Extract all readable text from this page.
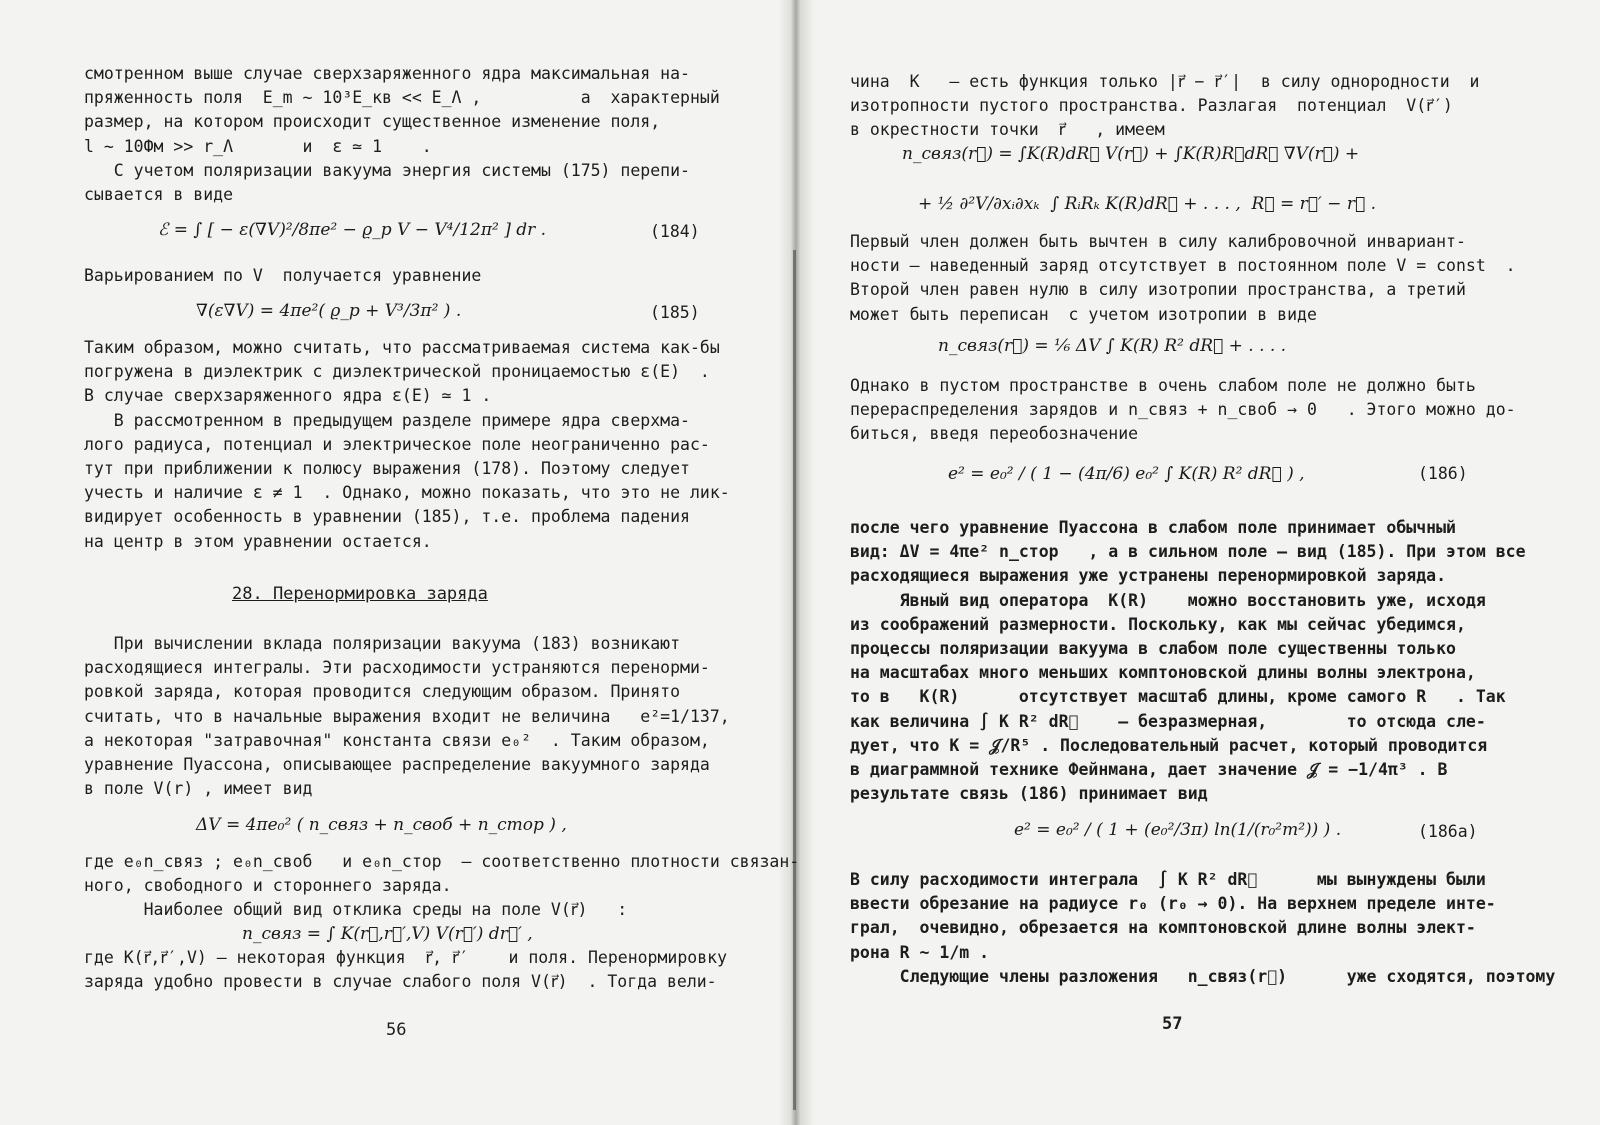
смотренном выше случае сверхзаряженного ядра максимальная на-
пряженность поля  E_m ~ 10³E_кв << E_Λ ,          а  характерный
размер, на котором происходит существенное изменение поля,
l ~ 10Фм >> r_Λ       и  ε ≃ 1    .
С учетом поляризации вакуума энергия системы (175) перепи-
сывается в виде
ℰ = ∫ [ − ε(∇V)²/8πe² − ϱ_p V − V⁴/12π² ] dr .	(184)
Варьированием по V  получается уравнение
∇(ε∇V) = 4πe²( ϱ_p + V³/3π² ) .	(185)
Таким образом, можно считать, что рассматриваемая система как-бы
погружена в диэлектрик с диэлектрической проницаемостью ε(E)  .
В случае сверхзаряженного ядра ε(E) ≃ 1 .
В рассмотренном в предыдущем разделе примере ядра сверхма-
лого радиуса, потенциал и электрическое поле неограниченно рас-
тут при приближении к полюсу выражения (178). Поэтому следует
учесть и наличие ε ≠ 1  . Однако, можно показать, что это не лик-
видирует особенность в уравнении (185), т.е. проблема падения
на центр в этом уравнении остается.
28. Перенормировка заряда
При вычислении вклада поляризации вакуума (183) возникают
расходящиеся интегралы. Эти расходимости устраняются перенорми-
ровкой заряда, которая проводится следующим образом. Принято
считать, что в начальные выражения входит не величина   e²=1/137,
а некоторая "затравочная" константа связи e₀²  . Таким образом,
уравнение Пуассона, описывающее распределение вакуумного заряда
в поле V(r) , имеет вид
ΔV = 4πe₀² ( n_связ + n_своб + n_стор ) ,
где e₀n_связ ; e₀n_своб   и e₀n_стор  – соответственно плотности связан-
ного, свободного и стороннего заряда.
Наиболее общий вид отклика среды на поле V(r⃗)   :
n_связ = ∫ K(r⃗,r⃗′,V) V(r⃗′) dr⃗′ ,
где K(r⃗,r⃗′,V) – некоторая функция  r⃗, r⃗′    и поля. Перенормировку
заряда удобно провести в случае слабого поля V(r⃗)  . Тогда вели-
56
чина  K   – есть функция только |r⃗ − r⃗′|  в силу однородности  и
изотропности пустого пространства. Разлагая  потенциал  V(r⃗′)
в окрестности точки  r⃗   , имеем
n_связ(r⃗) = ∫K(R)dR⃗ V(r⃗) + ∫K(R)R⃗dR⃗ ∇V(r⃗) +
+ ½ ∂²V/∂xᵢ∂xₖ  ∫ RᵢRₖ K(R)dR⃗ + . . . ,  R⃗ = r⃗′ − r⃗ .
Первый член должен быть вычтен в силу калибровочной инвариант-
ности – наведенный заряд отсутствует в постоянном поле V = const  .
Второй член равен нулю в силу изотропии пространства, а третий
может быть переписан  с учетом изотропии в виде
n_связ(r⃗) = ⅙ ΔV ∫ K(R) R² dR⃗ + . . . .
Однако в пустом пространстве в очень слабом поле не должно быть
перераспределения зарядов и n_связ + n_своб → 0   . Этого можно до-
биться, введя переобозначение
e² = e₀² / ( 1 − (4π/6) e₀² ∫ K(R) R² dR⃗ ) ,	(186)
после чего уравнение Пуассона в слабом поле принимает обычный
вид: ΔV = 4πe² n_стор   , а в сильном поле – вид (185). При этом все
расходящиеся выражения уже устранены перенормировкой заряда.
Явный вид оператора  K(R)    можно восстановить уже, исходя
из соображений размерности. Поскольку, как мы сейчас убедимся,
процессы поляризации вакуума в слабом поле существенны только
на масштабах много меньших комптоновской длины волны электрона,
то в   K(R)      отсутствует масштаб длины, кроме самого R   . Так
как величина ∫ K R² dR⃗    – безразмерная,        то отсюда сле-
дует, что K = 𝒥/R⁵ . Последовательный расчет, который проводится
в диаграммной технике Фейнмана, дает значение 𝒥 = −1/4π³ . В
результате связь (186) принимает вид
e² = e₀² / ( 1 + (e₀²/3π) ln(1/(r₀²m²)) ) .	(186a)
В силу расходимости интеграла  ∫ K R² dR⃗      мы вынуждены были
ввести обрезание на радиусе r₀ (r₀ → 0). На верхнем пределе инте-
грал,  очевидно, обрезается на комптоновской длине волны элект-
рона R ~ 1/m .
Следующие члены разложения   n_связ(r⃗)      уже сходятся, поэтому
57
